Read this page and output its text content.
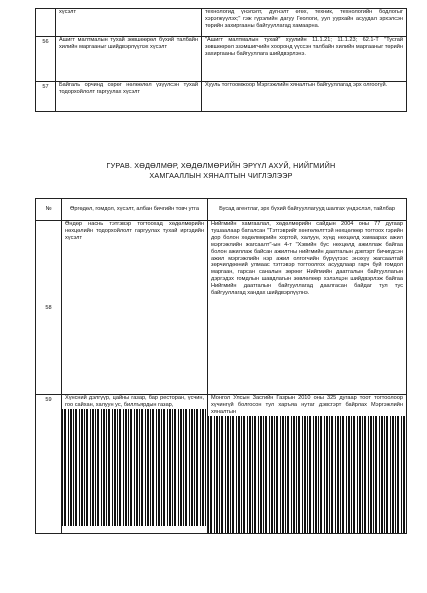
	хүсэлт	технологид үнэлэлт, дүгнэлт өгөх, техник, технологийн бодлогыг хэрэгжүүлэх;" гэж гүрэлийн дагуу Геологи, уул уурхайн асуудал эрхэлсэн төрийн захиргааны байгууллагад хамаарна.
56	Ашигт малтмалын тухай зөвшөөрөл бүхий талбайн хилийн маргааныг шийдвэрлүүлэх хүсэлт	"Ашигт малтмалын тухай" хуулийн 11.1.21; 11.1.23; 62.1-Т "Тусгай зөвшөөрөл эзэмшигчийн хооронд үүссэн талбайн хилийн маргааныг төрийн захиргааны байгууллага шийдвэрлэнэ.
57	Байгаль орчинд сөрөг нөлөөлөл үзүүлсэн тухай тодорхойлолт гаргуулах хүсэлт	Хууль тогтоомжоор Мэргэжлийн хяналтын байгууллагад эрх олгоогүй.
ГУРАВ. ХӨДӨЛМӨР, ХӨДӨЛМӨРИЙН ЭРҮҮЛ АХУЙ, НИЙГМИЙН
ХАМГААЛЛЫН ХЯНАЛТЫН ЧИГЛЭЛЭЭР
№	Өргөдөл, гомдол, хүсэлт, албан бичгийн товч утга	Бусад агентлаг, эрх бүхий байгууллагууд шалгах үндэслэл, тайлбар
58	Өндөр наснь тэтгэвэр тогтоохад хөдөлмөрийн нөхцөлийн тодорхойлолт гаргуулах тухай иргэдийн хүсэлт	Нийгмийн хамгаалал, хөдөлмөрийн сайдын 2004 оны 77 дугаар тушаалаар баталсан "Тэтгэврийг хөнгөлөлттэй нөхцөлөөр тогтоох гэрийн дор болон хөдөлмөрийн хортой, халуун, хүнд нөхцөлд хамаарах ажил мэргэжлийн жагсаалт"-ын 4-т "Хэвийн бус нөхцөлд ажиллаж байгаа болон ажиллаж байсан ажилтны нийгмийн даатгалын дэвтэрт бичигдсэн ажил мэргэжлийн нэр ажил олгогчийн бүрүүгээс энэхүү жагсаалтай зөрчилдөөний улмаас тэтгэвэр тогтоолгох асуудлаар гарч буй гомдол маргаан, гарсан саналын зөрөөг Нийгмийн даатгалын байгууллагын дэргэдэх гомдлын шавдлагын зөвлөлөөр хэлэлцэн шийдвэрлэж байгаа Нийгмийн даатгалын байгууллагад даалгасан байдаг тул тус байгууллагад хандах шийдвэрлүүлнэ.
59	Хүнсний дэлгүүр, цайны газар, бар ресторан, үсчин, гоо сайхан, халуун ус, биллъярдын газар,	Монгол Улсын Засгийн Газрын 2010 оны 325 дугаар тоот тогтоолоор хүчингүй болгосон тул харъяа нутаг дэвсгэрт байрлах Мэргэжлийн хяналтын
